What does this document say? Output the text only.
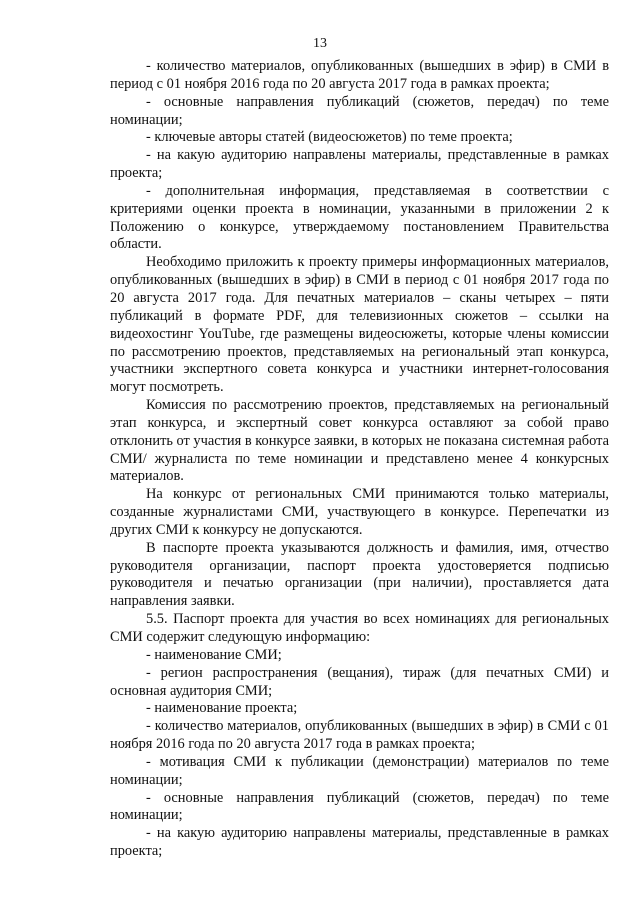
13

- количество материалов, опубликованных (вышедших в эфир) в СМИ в период с 01 ноября 2016 года по 20 августа 2017 года в рамках проекта;

- основные направления публикаций (сюжетов, передач) по теме номинации;

- ключевые авторы статей (видеосюжетов) по теме проекта;

- на какую аудиторию направлены материалы, представленные в рамках проекта;

- дополнительная информация, представляемая в соответствии с критериями оценки проекта в номинации, указанными в приложении 2 к Положению о конкурсе, утверждаемому постановлением Правительства области.

Необходимо приложить к проекту примеры информационных материалов, опубликованных (вышедших в эфир) в СМИ в период с 01 ноября 2017 года по 20 августа 2017 года. Для печатных материалов – сканы четырех – пяти публикаций в формате PDF, для телевизионных сюжетов – ссылки на видеохостинг YouTube, где размещены видеосюжеты, которые члены комиссии по рассмотрению проектов, представляемых на региональный этап конкурса, участники экспертного совета конкурса и участники интернет-голосования могут посмотреть.

Комиссия по рассмотрению проектов, представляемых на региональный этап конкурса, и экспертный совет конкурса оставляют за собой право отклонить от участия в конкурсе заявки, в которых не показана системная работа СМИ/ журналиста по теме номинации и представлено менее 4 конкурсных материалов.

На конкурс от региональных СМИ принимаются только материалы, созданные журналистами СМИ, участвующего в конкурсе. Перепечатки из других СМИ к конкурсу не допускаются.

В паспорте проекта указываются должность и фамилия, имя, отчество руководителя организации, паспорт проекта удостоверяется подписью руководителя и печатью организации (при наличии), проставляется дата направления заявки.

5.5. Паспорт проекта для участия во всех номинациях для региональных СМИ содержит следующую информацию:

- наименование СМИ;

- регион распространения (вещания), тираж (для печатных СМИ) и основная аудитория СМИ;

- наименование проекта;

- количество материалов, опубликованных (вышедших в эфир) в СМИ с 01 ноября 2016 года по 20 августа 2017 года в рамках проекта;

- мотивация СМИ к публикации (демонстрации) материалов по теме номинации;

- основные направления публикаций (сюжетов, передач) по теме номинации;

- на какую аудиторию направлены материалы, представленные в рамках проекта;
